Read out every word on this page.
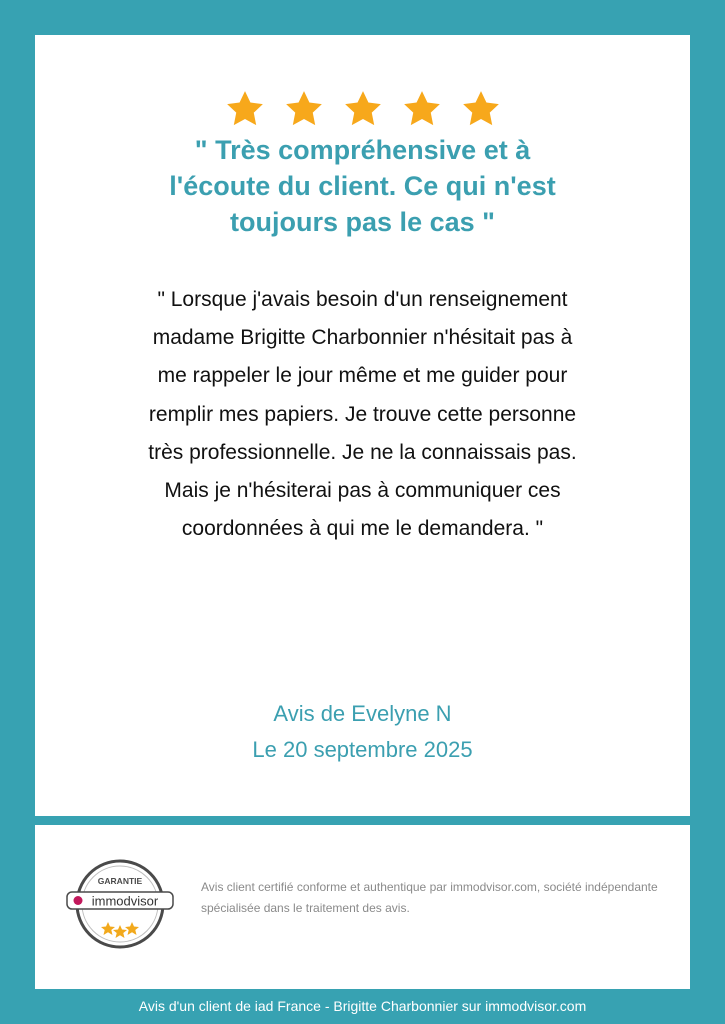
" Très compréhensive et à l'écoute du client. Ce qui n'est toujours pas le cas "

" Lorsque j'avais besoin d'un renseignement madame Brigitte Charbonnier n'hésitait pas à me rappeler le jour même et me guider pour remplir mes papiers. Je trouve cette personne très professionnelle. Je ne la connaissais pas. Mais je n'hésiterai pas à communiquer ces coordonnées à qui me le demandera. "

Avis de Evelyne N
Le 20 septembre 2025
GARANTIE
immodvisor
Avis client certifié conforme et authentique par immodvisor.com, société indépendante spécialisée dans le traitement des avis.
Avis d'un client de iad France - Brigitte Charbonnier sur immodvisor.com
